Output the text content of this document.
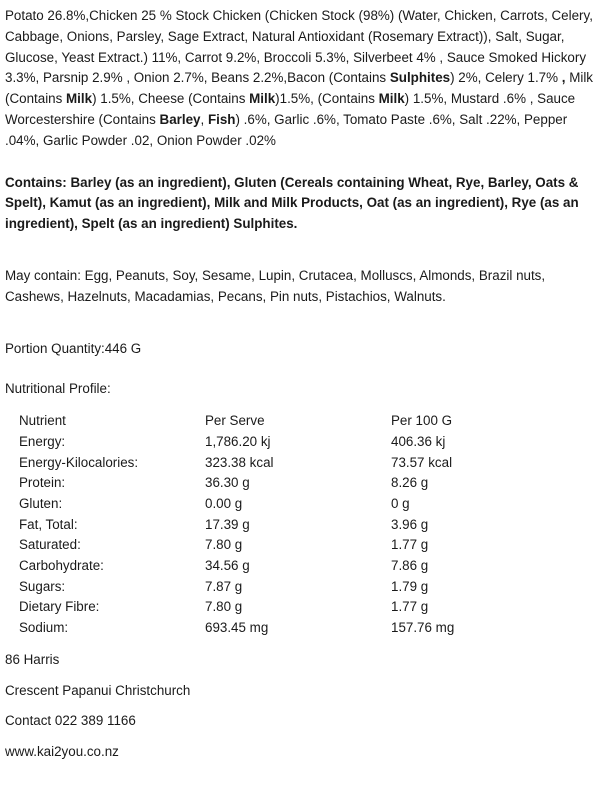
Potato 26.8%,Chicken 25 % Stock Chicken (Chicken Stock (98%) (Water, Chicken, Carrots, Celery, Cabbage, Onions, Parsley, Sage Extract, Natural Antioxidant (Rosemary Extract)), Salt, Sugar, Glucose, Yeast Extract.) 11%, Carrot 9.2%, Broccoli 5.3%, Silverbeet 4% , Sauce Smoked Hickory 3.3%, Parsnip 2.9% , Onion 2.7%, Beans 2.2%,Bacon (Contains Sulphites) 2%, Celery 1.7% , Milk (Contains Milk) 1.5%, Cheese (Contains Milk)1.5%, (Contains Milk) 1.5%, Mustard .6% , Sauce Worcestershire (Contains Barley, Fish) .6%, Garlic .6%, Tomato Paste .6%, Salt .22%, Pepper .04%, Garlic Powder .02, Onion Powder .02%

Contains: Barley (as an ingredient), Gluten (Cereals containing Wheat, Rye, Barley, Oats & Spelt), Kamut (as an ingredient), Milk and Milk Products, Oat (as an ingredient), Rye (as an ingredient), Spelt (as an ingredient) Sulphites.

May contain: Egg, Peanuts, Soy, Sesame, Lupin, Crutacea, Molluscs, Almonds, Brazil nuts, Cashews, Hazelnuts, Macadamias, Pecans, Pin nuts, Pistachios, Walnuts.

Portion Quantity:446 G

Nutritional Profile:

Nutrient	Per Serve	Per 100 G
Energy:	1,786.20 kj	406.36 kj
Energy-Kilocalories:	323.38 kcal	73.57 kcal
Protein:	36.30 g	8.26 g
Gluten:	0.00 g	0 g
Fat, Total:	17.39 g	3.96 g
Saturated:	7.80 g	1.77 g
Carbohydrate:	34.56 g	7.86 g
Sugars:	7.87 g	1.79 g
Dietary Fibre:	7.80 g	1.77 g
Sodium:	693.45 mg	157.76 mg

86 Harris

Crescent Papanui Christchurch

Contact 022 389 1166

www.kai2you.co.nz
